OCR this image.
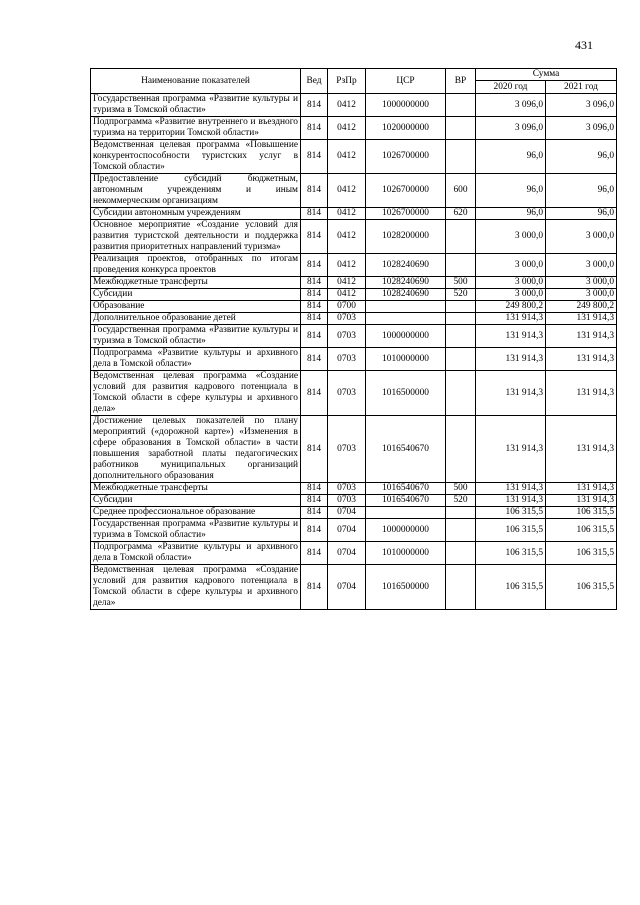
431
Наименование показателей	Вед	РзПр	ЦСР	ВР	Сумма	
					2020 год	2021 год
Государственная программа «Развитие культуры и туризма в Томской области»	814	0412	1000000000		3 096,0	3 096,0
Подпрограмма «Развитие внутреннего и въездного туризма на территории Томской области»	814	0412	1020000000		3 096,0	3 096,0
Ведомственная целевая программа «Повышение конкурентоспособности туристских услуг в Томской области»	814	0412	1026700000		96,0	96,0
Предоставление субсидий бюджетным, автономным учреждениям и иным некоммерческим организациям	814	0412	1026700000	600	96,0	96,0
Субсидии автономным учреждениям	814	0412	1026700000	620	96,0	96,0
Основное мероприятие «Создание условий для развития туристской деятельности и поддержка развития приоритетных направлений туризма»	814	0412	1028200000		3 000,0	3 000,0
Реализация проектов, отобранных по итогам проведения конкурса проектов	814	0412	1028240690		3 000,0	3 000,0
Межбюджетные трансферты	814	0412	1028240690	500	3 000,0	3 000,0
Субсидии	814	0412	1028240690	520	3 000,0	3 000,0
Образование	814	0700			249 800,2	249 800,2
Дополнительное образование детей	814	0703			131 914,3	131 914,3
Государственная программа «Развитие культуры и туризма в Томской области»	814	0703	1000000000		131 914,3	131 914,3
Подпрограмма «Развитие культуры и архивного дела в Томской области»	814	0703	1010000000		131 914,3	131 914,3
Ведомственная целевая программа «Создание условий для развития кадрового потенциала в Томской области в сфере культуры и архивного дела»	814	0703	1016500000		131 914,3	131 914,3
Достижение целевых показателей по плану мероприятий («дорожной карте») «Изменения в сфере образования в Томской области» в части повышения заработной платы педагогических работников муниципальных организаций дополнительного образования	814	0703	1016540670		131 914,3	131 914,3
Межбюджетные трансферты	814	0703	1016540670	500	131 914,3	131 914,3
Субсидии	814	0703	1016540670	520	131 914,3	131 914,3
Среднее профессиональное образование	814	0704			106 315,5	106 315,5
Государственная программа «Развитие культуры и туризма в Томской области»	814	0704	1000000000		106 315,5	106 315,5
Подпрограмма «Развитие культуры и архивного дела в Томской области»	814	0704	1010000000		106 315,5	106 315,5
Ведомственная целевая программа «Создание условий для развития кадрового потенциала в Томской области в сфере культуры и архивного дела»	814	0704	1016500000		106 315,5	106 315,5
